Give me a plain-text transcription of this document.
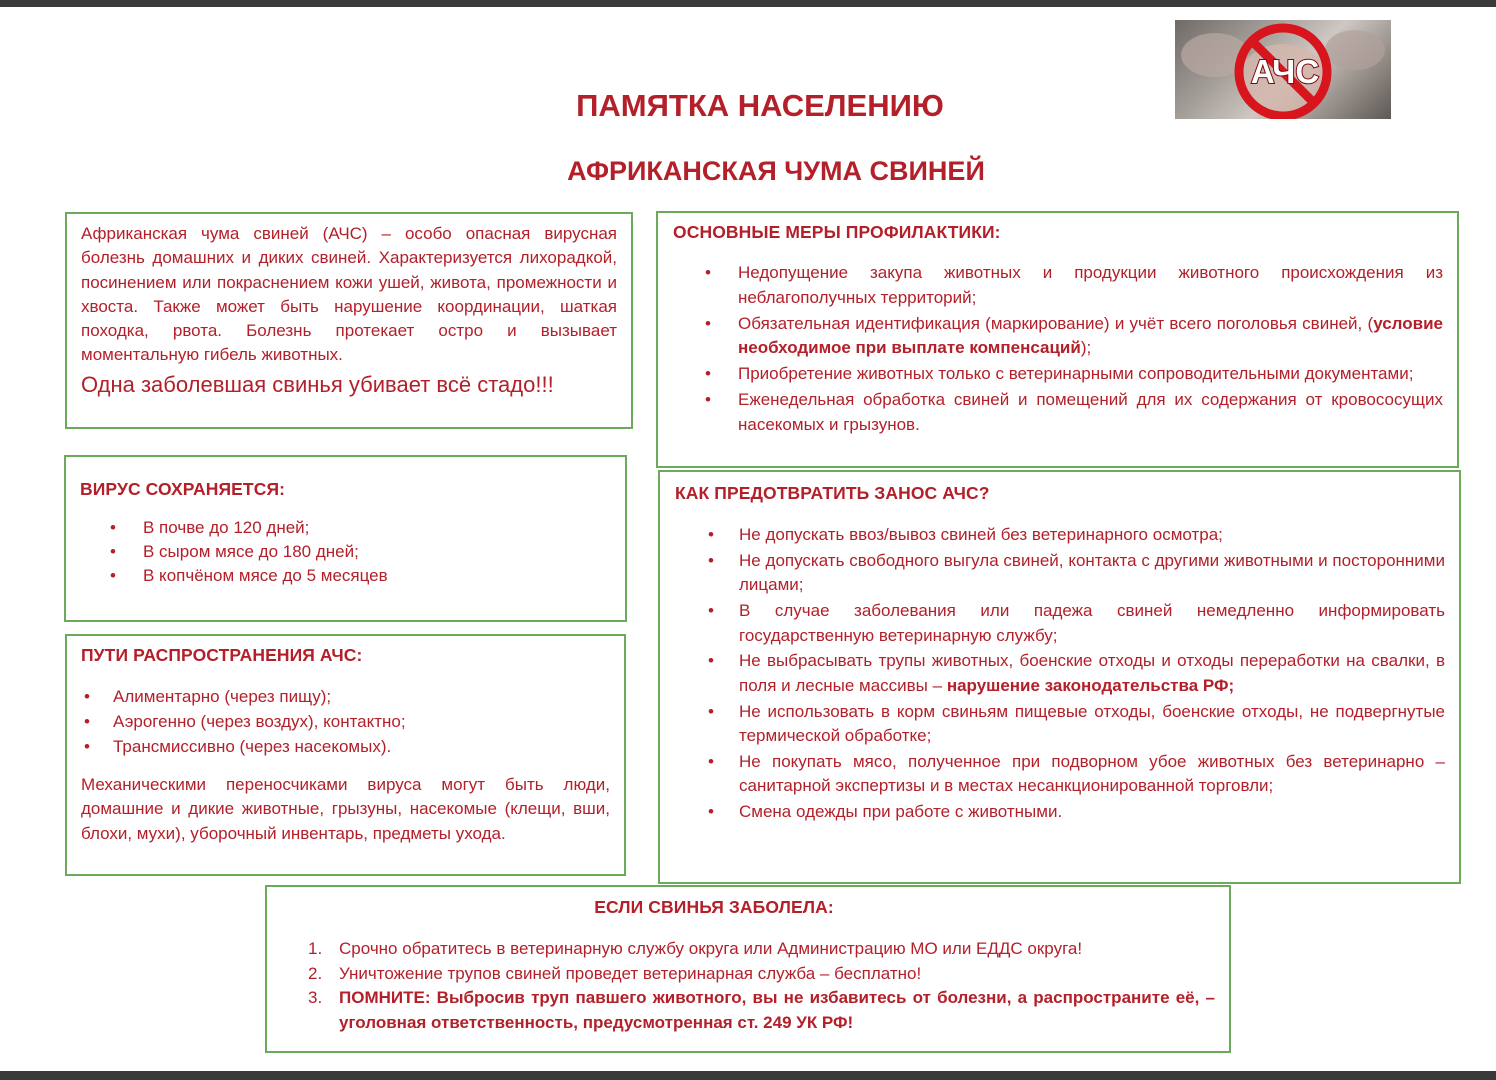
АЧС
ПАМЯТКА НАСЕЛЕНИЮ
АФРИКАНСКАЯ ЧУМА СВИНЕЙ
Африканская чума свиней (АЧС) – особо опасная вирусная болезнь домашних и диких свиней. Характеризуется лихорадкой, посинением или покраснением кожи ушей, живота, промежности и хвоста. Также может быть нарушение координации, шаткая походка, рвота. Болезнь протекает остро и вызывает моментальную гибель животных.
Одна заболевшая свинья убивает всё стадо!!!
ОСНОВНЫЕ МЕРЫ ПРОФИЛАКТИКИ:
• Недопущение закупа животных и продукции животного происхождения из неблагополучных территорий;
• Обязательная идентификация (маркирование) и учёт всего поголовья свиней, (условие необходимое при выплате компенсаций);
• Приобретение животных только с ветеринарными сопроводительными документами;
• Еженедельная обработка свиней и помещений для их содержания от кровососущих насекомых и грызунов.
ВИРУС СОХРАНЯЕТСЯ:
• В почве до 120 дней;
• В сыром мясе до 180 дней;
• В копчёном мясе до 5 месяцев
ПУТИ РАСПРОСТРАНЕНИЯ АЧС:
• Алиментарно (через пищу);
• Аэрогенно (через воздух), контактно;
• Трансмиссивно (через насекомых).
Механическими переносчиками вируса могут быть люди, домашние и дикие животные, грызуны, насекомые (клещи, вши, блохи, мухи), уборочный инвентарь, предметы ухода.
КАК ПРЕДОТВРАТИТЬ ЗАНОС АЧС?
• Не допускать ввоз/вывоз свиней без ветеринарного осмотра;
• Не допускать свободного выгула свиней, контакта с другими животными и посторонними лицами;
• В случае заболевания или падежа свиней немедленно информировать государственную ветеринарную службу;
• Не выбрасывать трупы животных, боенские отходы и отходы переработки на свалки, в поля и лесные массивы – нарушение законодательства РФ;
• Не использовать в корм свиньям пищевые отходы, боенские отходы, не подвергнутые термической обработке;
• Не покупать мясо, полученное при подворном убое животных без ветеринарно – санитарной экспертизы и в местах несанкционированной торговли;
• Смена одежды при работе с животными.
ЕСЛИ СВИНЬЯ ЗАБОЛЕЛА:
1. Срочно обратитесь в ветеринарную службу округа или Администрацию МО или ЕДДС округа!
2. Уничтожение трупов свиней проведет ветеринарная служба – бесплатно!
3. ПОМНИТЕ: Выбросив труп павшего животного, вы не избавитесь от болезни, а распространите её, – уголовная ответственность, предусмотренная ст. 249 УК РФ!
